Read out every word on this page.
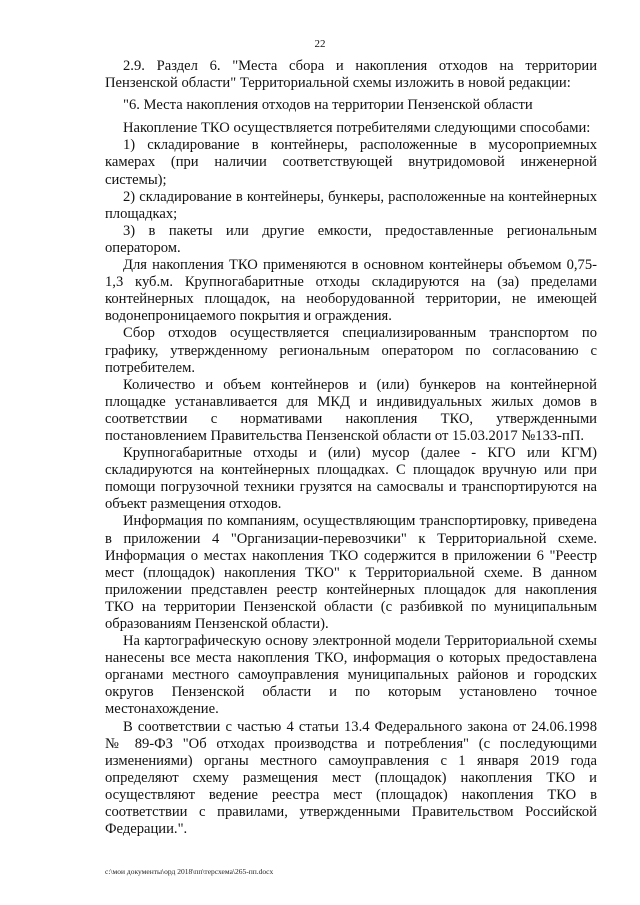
22

2.9. Раздел 6. "Места сбора и накопления отходов на территории Пензенской области" Территориальной схемы изложить в новой редакции:

"6. Места накопления отходов на территории Пензенской области

Накопление ТКО осуществляется потребителями следующими способами:

1) складирование в контейнеры, расположенные в мусороприемных камерах (при наличии соответствующей внутридомовой инженерной системы);

2) складирование в контейнеры, бункеры, расположенные на контейнерных площадках;

3) в пакеты или другие емкости, предоставленные региональным оператором.

Для накопления ТКО применяются в основном контейнеры объемом 0,75-1,3 куб.м. Крупногабаритные отходы складируются на (за) пределами контейнерных площадок, на необорудованной территории, не имеющей водонепроницаемого покрытия и ограждения.

Сбор отходов осуществляется специализированным транспортом по графику, утвержденному региональным оператором по согласованию с потребителем.

Количество и объем контейнеров и (или) бункеров на контейнерной площадке устанавливается для МКД и индивидуальных жилых домов в соответствии с нормативами накопления ТКО, утвержденными постановлением Правительства Пензенской области от 15.03.2017 №133-пП.

Крупногабаритные отходы и (или) мусор (далее - КГО или КГМ) складируются на контейнерных площадках. С площадок вручную или при помощи погрузочной техники грузятся на самосвалы и транспортируются на объект размещения отходов.

Информация по компаниям, осуществляющим транспортировку, приведена в приложении 4 "Организации-перевозчики" к Территориальной схеме. Информация о местах накопления ТКО содержится в приложении 6 "Реестр мест (площадок) накопления ТКО" к Территориальной схеме. В данном приложении представлен реестр контейнерных площадок для накопления ТКО на территории Пензенской области (с разбивкой по муниципальным образованиям Пензенской области).

На картографическую основу электронной модели Территориальной схемы нанесены все места накопления ТКО, информация о которых предоставлена органами местного самоуправления муниципальных районов и городских округов Пензенской области и по которым установлено точное местонахождение.

В соответствии с частью 4 статьи 13.4 Федерального закона от 24.06.1998 № 89-ФЗ "Об отходах производства и потребления" (с последующими изменениями) органы местного самоуправления с 1 января 2019 года определяют схему размещения мест (площадок) накопления ТКО и осуществляют ведение реестра мест (площадок) накопления ТКО в соответствии с правилами, утвержденными Правительством Российской Федерации.".

c:\мои документы\орд 2018\пп\терсхема\265-пп.docx
